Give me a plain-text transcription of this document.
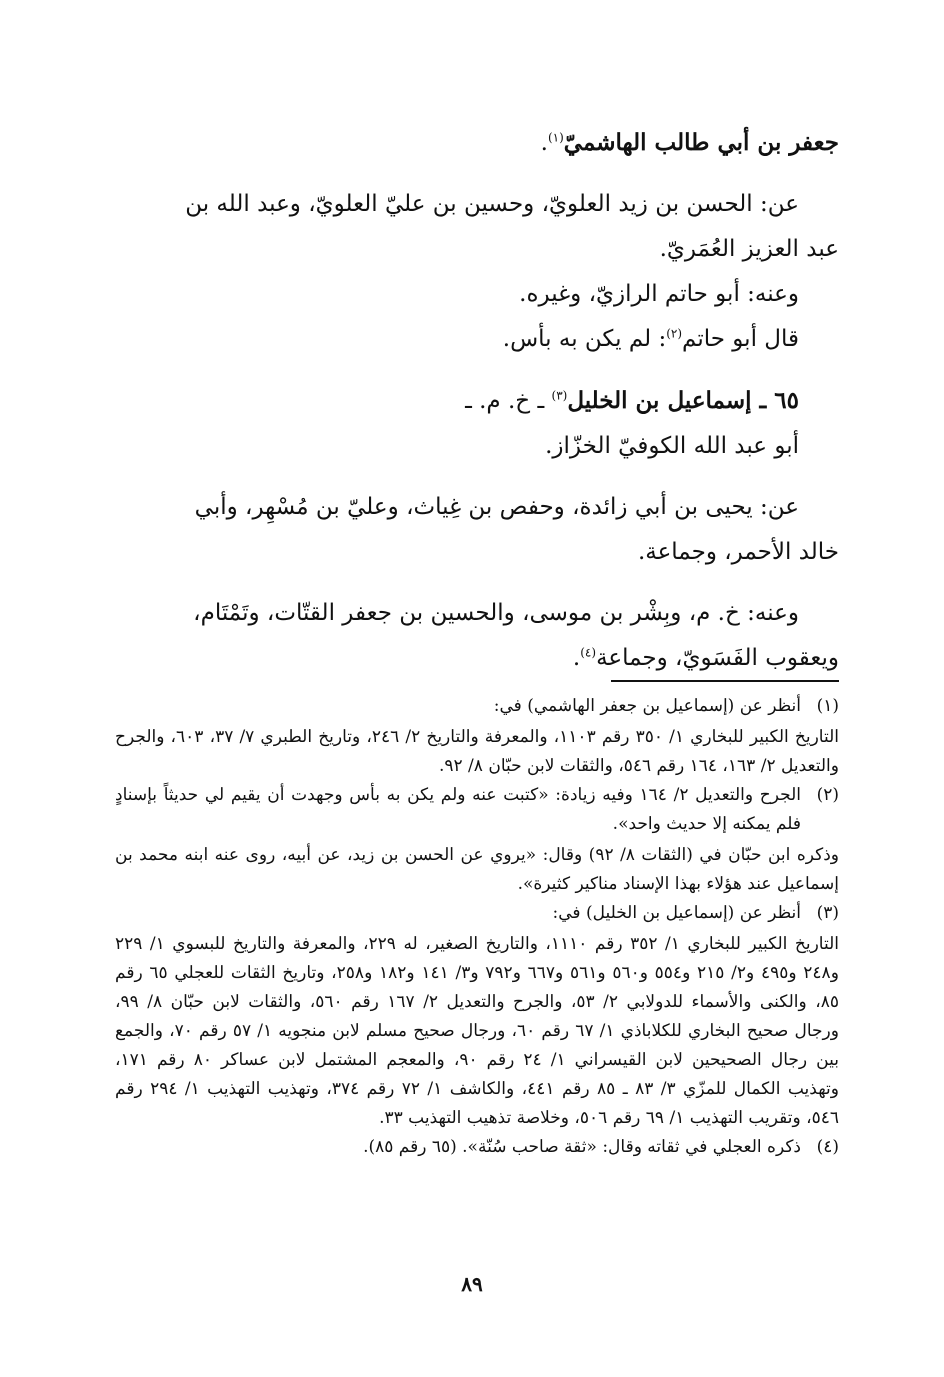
جعفر بن أبي طالب الهاشميّ$^{(١)}$.

عن: الحسن بن زيد العلويّ، وحسين بن عليّ العلويّ، وعبد الله بن

عبد العزيز العُمَريّ.

وعنه: أبو حاتم الرازيّ، وغيره.

قال أبو حاتم$^{(٢)}$: لم يكن به بأس.

٦٥ ـ إسماعيل بن الخليل$^{(٣)}$ ـ خ. م. ـ

أبو عبد الله الكوفيّ الخزّاز.

عن: يحيى بن أبي زائدة، وحفص بن غِياث، وعليّ بن مُسْهِر، وأبي

خالد الأحمر، وجماعة.

وعنه: خ. م، وبِشْر بن موسى، والحسين بن جعفر القتّات، وتَمْتَام،

ويعقوب الفَسَويّ، وجماعة$^{(٤)}$.

(١)

أنظر عن (إسماعيل بن جعفر الهاشمي) في:

التاريخ الكبير للبخاري ١/ ٣٥٠ رقم ١١٠٣، والمعرفة والتاريخ ٢/ ٢٤٦، وتاريخ الطبري ٧/ ٣٧، ٦٠٣، والجرح والتعديل ٢/ ١٦٣، ١٦٤ رقم ٥٤٦، والثقات لابن حبّان ٨/ ٩٢.

(٢)

الجرح والتعديل ٢/ ١٦٤ وفيه زيادة: «كتبت عنه ولم يكن به بأس وجهدت أن يقيم لي حديثاً بإسنادٍ فلم يمكنه إلا حديث واحد».

وذكره ابن حبّان في (الثقات ٨/ ٩٢) وقال: «يروي عن الحسن بن زيد، عن أبيه، روى عنه ابنه محمد بن إسماعيل عند هؤلاء بهذا الإسناد مناكير كثيرة».

(٣)

أنظر عن (إسماعيل بن الخليل) في:

التاريخ الكبير للبخاري ١/ ٣٥٢ رقم ١١١٠، والتاريخ الصغير، له ٢٢٩، والمعرفة والتاريخ للبسوي ١/ ٢٢٩ و٢٤٨ و٤٩٥ و٢/ ٢١٥ و٥٥٤ و٥٦٠ و٥٦١ و٦٦٧ و٧٩٢ و٣/ ١٤١ و١٨٢ و٢٥٨، وتاريخ الثقات للعجلي ٦٥ رقم ٨٥، والكنى والأسماء للدولابي ٢/ ٥٣، والجرح والتعديل ٢/ ١٦٧ رقم ٥٦٠، والثقات لابن حبّان ٨/ ٩٩، ورجال صحيح البخاري للكلاباذي ١/ ٦٧ رقم ٦٠، ورجال صحيح مسلم لابن منجويه ١/ ٥٧ رقم ٧٠، والجمع بين رجال الصحيحين لابن القيسراني ١/ ٢٤ رقم ٩٠، والمعجم المشتمل لابن عساكر ٨٠ رقم ١٧١، وتهذيب الكمال للمزّي ٣/ ٨٣ ـ ٨٥ رقم ٤٤١، والكاشف ١/ ٧٢ رقم ٣٧٤، وتهذيب التهذيب ١/ ٢٩٤ رقم ٥٤٦، وتقريب التهذيب ١/ ٦٩ رقم ٥٠٦، وخلاصة تذهيب التهذيب ٣٣.

(٤)

ذكره العجلي في ثقاته وقال: «ثقة صاحب سُنّة». (٦٥ رقم ٨٥).

٨٩
